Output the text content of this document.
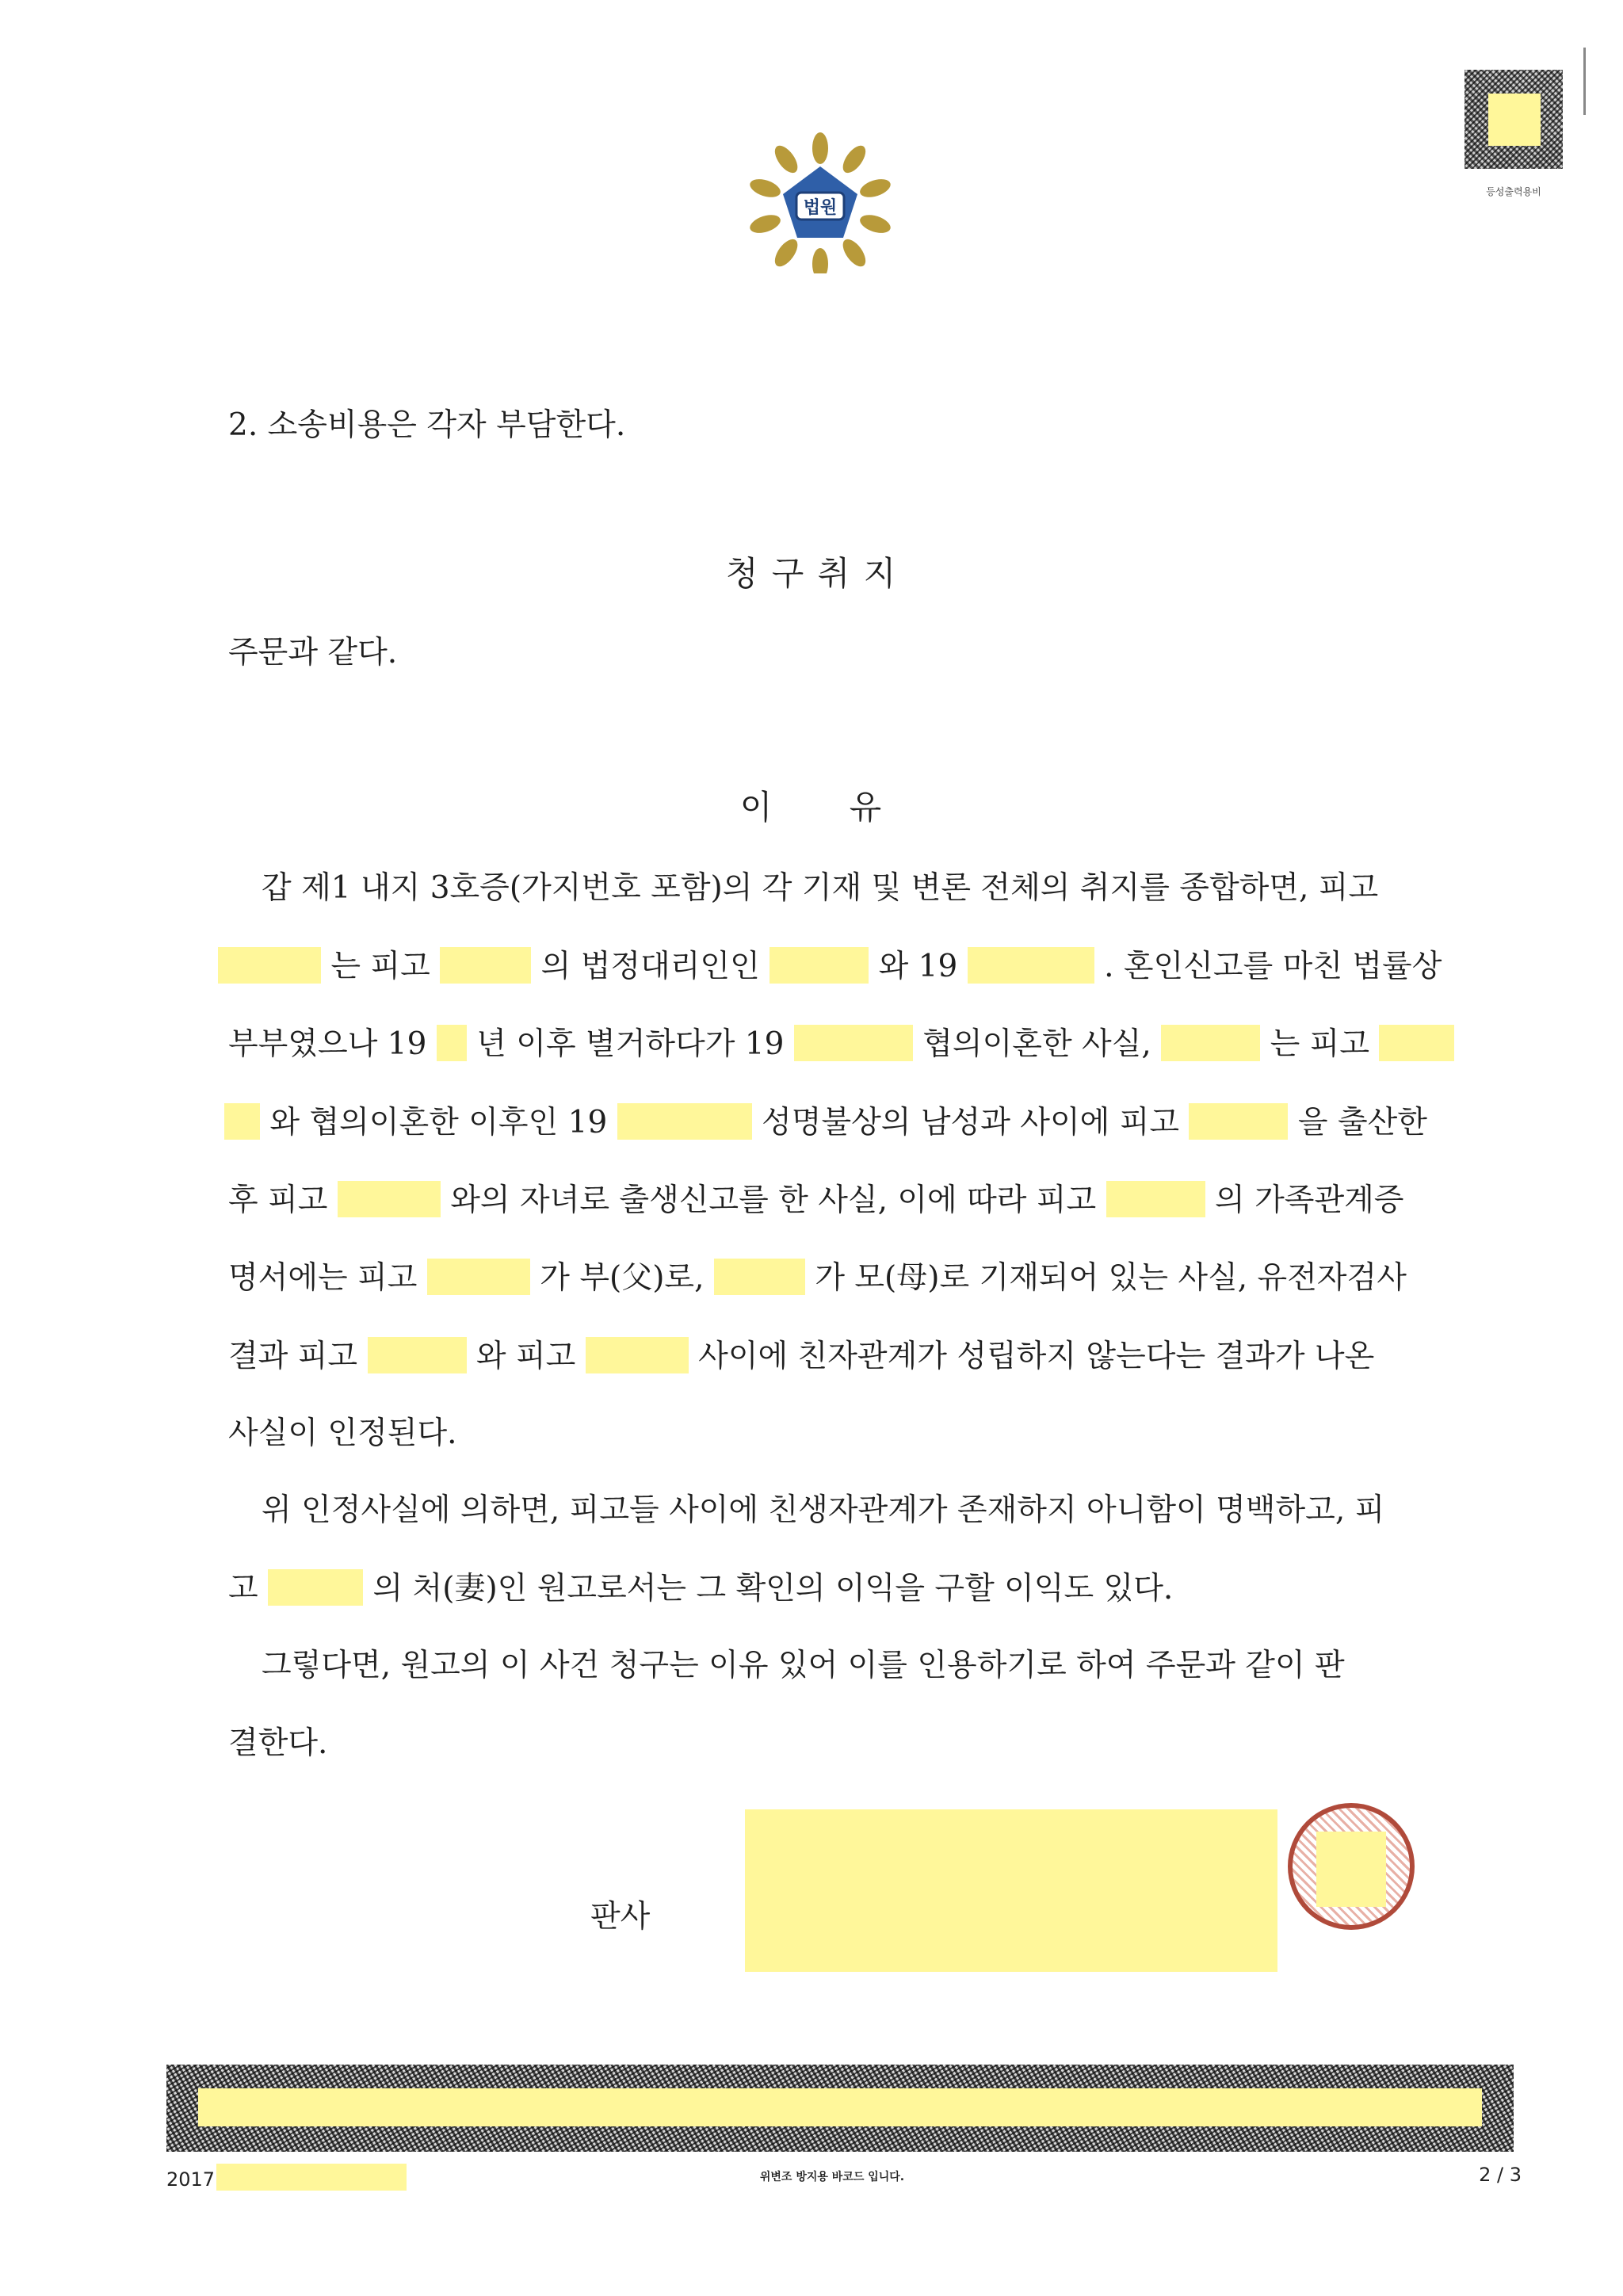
법원
등성출력용비
2. 소송비용은 각자 부담한다.
청 구 취 지
주문과 같다.
이 유
갑 제1 내지 3호증(가지번호 포함)의 각 기재 및 변론 전체의 취지를 종합하면, 피고
는 피고	의 법정대리인인	와 19	. 혼인신고를 마친 법률상
부부였으나 19 년 이후 별거하다가 19	협의이혼한 사실,	는 피고
와 협의이혼한 이후인 19	성명불상의 남성과 사이에 피고	을 출산한
후 피고	와의 자녀로 출생신고를 한 사실, 이에 따라 피고	의 가족관계증
명서에는 피고	가 부(父)로,	가 모(母)로 기재되어 있는 사실, 유전자검사
결과 피고	와 피고	사이에 친자관계가 성립하지 않는다는 결과가 나온
사실이 인정된다.
위 인정사실에 의하면, 피고들 사이에 친생자관계가 존재하지 아니함이 명백하고, 피
고	의 처(妻)인 원고로서는 그 확인의 이익을 구할 이익도 있다.
그렇다면, 원고의 이 사건 청구는 이유 있어 이를 인용하기로 하여 주문과 같이 판
결한다.
판사
2017	위변조 방지용 바코드 입니다.	2 / 3
